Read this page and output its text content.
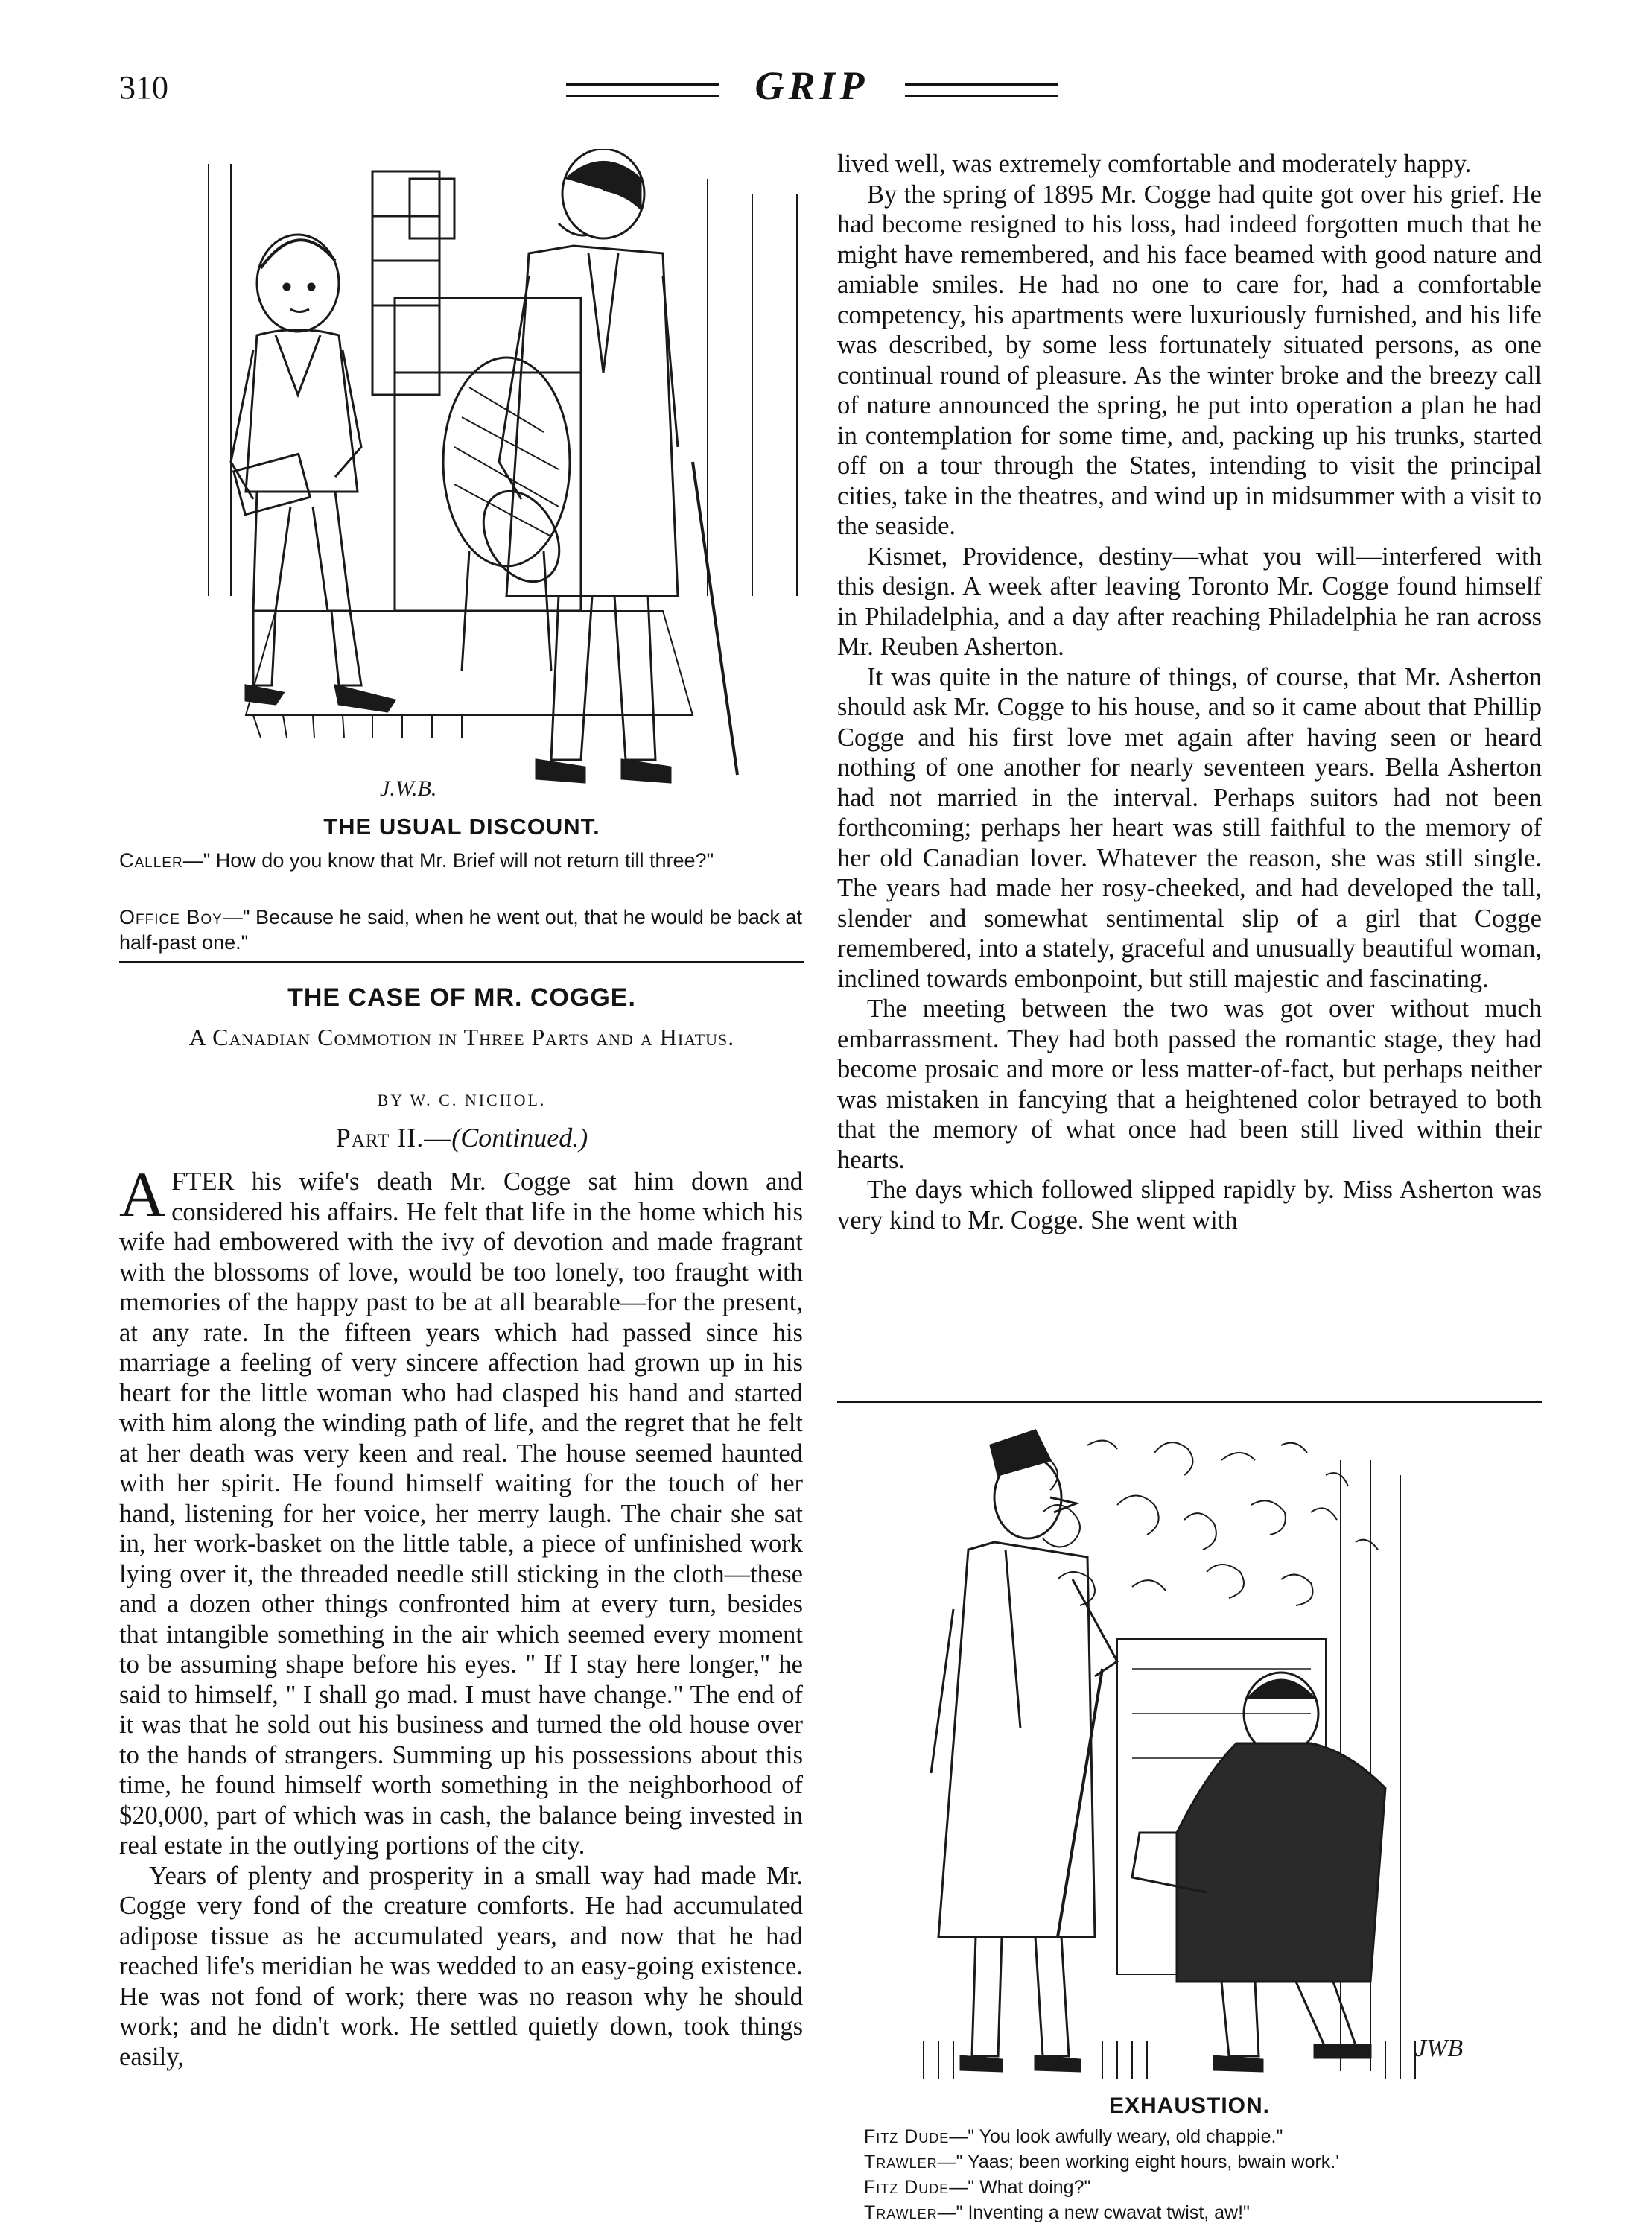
310	GRIP
J.W.B.
THE USUAL DISCOUNT.
Caller—" How do you know that Mr. Brief will not return till three?"
Office Boy—" Because he said, when he went out, that he would be back at half-past one."
THE CASE OF MR. COGGE.
A Canadian Commotion in Three Parts and a Hiatus.
BY W. C. NICHOL.
Part II.—(Continued.)

AFTER his wife's death Mr. Cogge sat him down and considered his affairs. He felt that life in the home which his wife had embowered with the ivy of devotion and made fragrant with the blossoms of love, would be too lonely, too fraught with memories of the happy past to be at all bearable—for the present, at any rate. In the fifteen years which had passed since his marriage a feeling of very sincere affection had grown up in his heart for the little woman who had clasped his hand and started with him along the winding path of life, and the regret that he felt at her death was very keen and real. The house seemed haunted with her spirit. He found himself waiting for the touch of her hand, listening for her voice, her merry laugh. The chair she sat in, her work-basket on the little table, a piece of unfinished work lying over it, the threaded needle still sticking in the cloth—these and a dozen other things confronted him at every turn, besides that intangible something in the air which seemed every moment to be assuming shape before his eyes. " If I stay here longer," he said to himself, " I shall go mad. I must have change." The end of it was that he sold out his business and turned the old house over to the hands of strangers. Summing up his possessions about this time, he found himself worth something in the neighborhood of $20,000, part of which was in cash, the balance being invested in real estate in the outlying portions of the city.

Years of plenty and prosperity in a small way had made Mr. Cogge very fond of the creature comforts. He had accumulated adipose tissue as he accumulated years, and now that he had reached life's meridian he was wedded to an easy-going existence. He was not fond of work; there was no reason why he should work; and he didn't work. He settled quietly down, took things easily,

lived well, was extremely comfortable and moderately happy.

By the spring of 1895 Mr. Cogge had quite got over his grief. He had become resigned to his loss, had indeed forgotten much that he might have remembered, and his face beamed with good nature and amiable smiles. He had no one to care for, had a comfortable competency, his apartments were luxuriously furnished, and his life was described, by some less fortunately situated persons, as one continual round of pleasure. As the winter broke and the breezy call of nature announced the spring, he put into operation a plan he had in contemplation for some time, and, packing up his trunks, started off on a tour through the States, intending to visit the principal cities, take in the theatres, and wind up in midsummer with a visit to the seaside.

Kismet, Providence, destiny—what you will—interfered with this design. A week after leaving Toronto Mr. Cogge found himself in Philadelphia, and a day after reaching Philadelphia he ran across Mr. Reuben Asherton.

It was quite in the nature of things, of course, that Mr. Asherton should ask Mr. Cogge to his house, and so it came about that Phillip Cogge and his first love met again after having seen or heard nothing of one another for nearly seventeen years. Bella Asherton had not married in the interval. Perhaps suitors had not been forthcoming; perhaps her heart was still faithful to the memory of her old Canadian lover. Whatever the reason, she was still single. The years had made her rosy-cheeked, and had developed the tall, slender and somewhat sentimental slip of a girl that Cogge remembered, into a stately, graceful and unusually beautiful woman, inclined towards embonpoint, but still majestic and fascinating.

The meeting between the two was got over without much embarrassment. They had both passed the romantic stage, they had become prosaic and more or less matter-of-fact, but perhaps neither was mistaken in fancying that a heightened color betrayed to both that the memory of what once had been still lived within their hearts.

The days which followed slipped rapidly by. Miss Asherton was very kind to Mr. Cogge. She went with

JWB
EXHAUSTION.
Fitz Dude—" You look awfully weary, old chappie."
Trawler—" Yaas; been working eight hours, bwain work.'
Fitz Dude—" What doing?"
Trawler—" Inventing a new cwavat twist, aw!"
